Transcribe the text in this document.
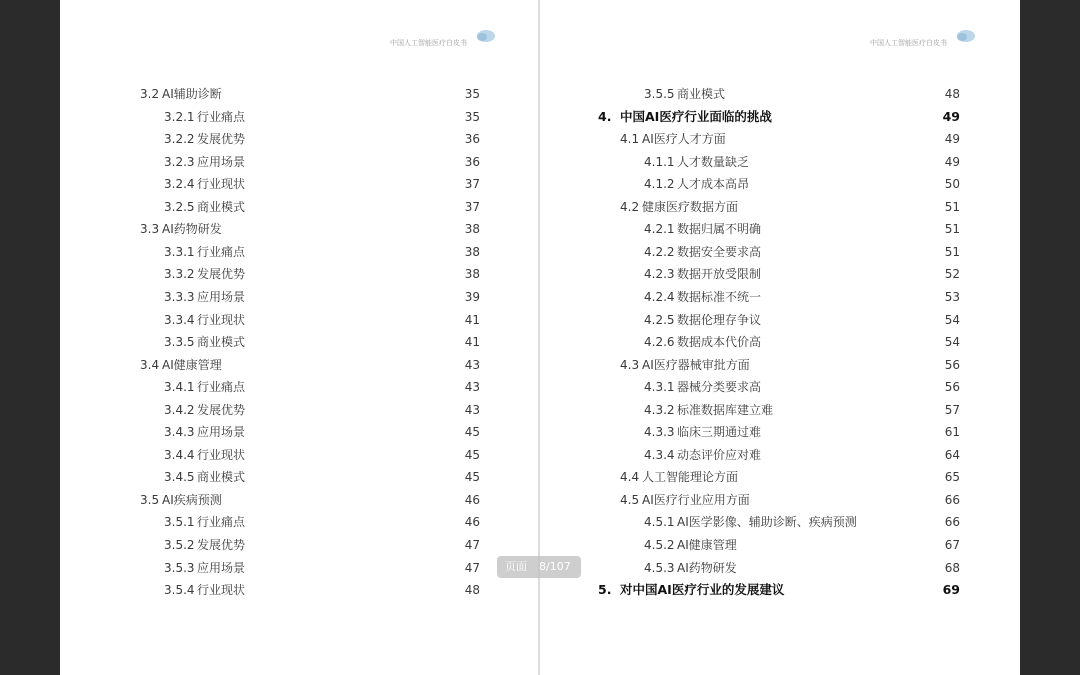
中国人工智能医疗白皮书
3.2 AI辅助诊断	35
3.2.1 行业痛点	35
3.2.2 发展优势	36
3.2.3 应用场景	36
3.2.4 行业现状	37
3.2.5 商业模式	37
3.3 AI药物研发	38
3.3.1 行业痛点	38
3.3.2 发展优势	38
3.3.3 应用场景	39
3.3.4 行业现状	41
3.3.5 商业模式	41
3.4 AI健康管理	43
3.4.1 行业痛点	43
3.4.2 发展优势	43
3.4.3 应用场景	45
3.4.4 行业现状	45
3.4.5 商业模式	45
3.5 AI疾病预测	46
3.5.1 行业痛点	46
3.5.2 发展优势	47
3.5.3 应用场景	47
3.5.4 行业现状	48
中国人工智能医疗白皮书
3.5.5 商业模式	48
4. 中国AI医疗行业面临的挑战	49
4.1 AI医疗人才方面	49
4.1.1 人才数量缺乏	49
4.1.2 人才成本高昂	50
4.2 健康医疗数据方面	51
4.2.1 数据归属不明确	51
4.2.2 数据安全要求高	51
4.2.3 数据开放受限制	52
4.2.4 数据标准不统一	53
4.2.5 数据伦理存争议	54
4.2.6 数据成本代价高	54
4.3 AI医疗器械审批方面	56
4.3.1 器械分类要求高	56
4.3.2 标准数据库建立难	57
4.3.3 临床三期通过难	61
4.3.4 动态评价应对难	64
4.4 人工智能理论方面	65
4.5 AI医疗行业应用方面	66
4.5.1 AI医学影像、辅助诊断、疾病预测	66
4.5.2 AI健康管理	67
4.5.3 AI药物研发	68
5. 对中国AI医疗行业的发展建议	69
页面 8/107
